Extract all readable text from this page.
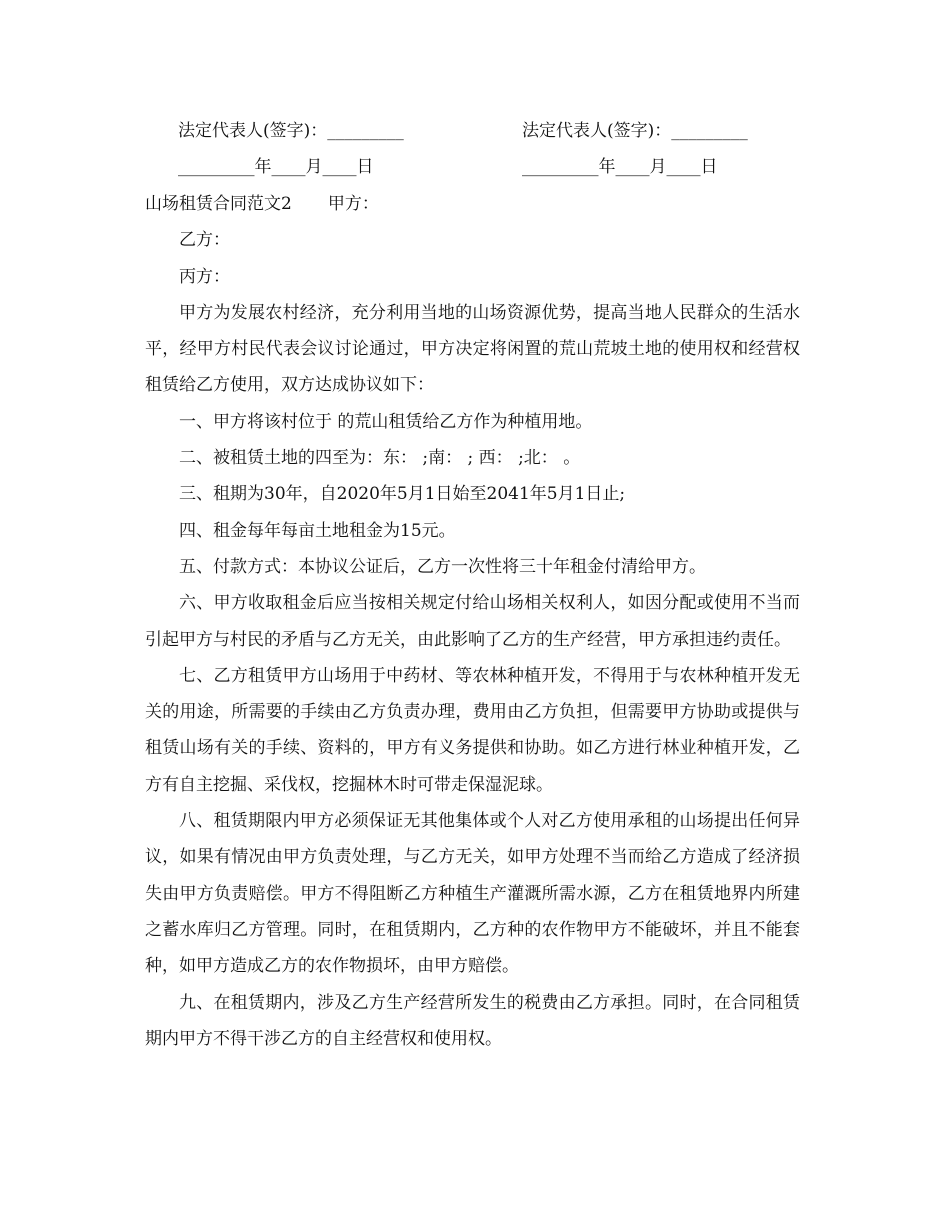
法定代表人(签字)：_________	法定代表人(签字)：_________
_________年____月____日	_________年____月____日

山场租赁合同范文2 甲方：

乙方：

丙方：

甲方为发展农村经济，充分利用当地的山场资源优势，提高当地人民群众的生活水平，经甲方村民代表会议讨论通过，甲方决定将闲置的荒山荒坡土地的使用权和经营权租赁给乙方使用，双方达成协议如下：

一、甲方将该村位于 的荒山租赁给乙方作为种植用地。

二、被租赁土地的四至为：东： ;南： ; 西： ;北： 。

三、租期为30年，自2020年5月1日始至2041年5月1日止;

四、租金每年每亩土地租金为15元。

五、付款方式：本协议公证后，乙方一次性将三十年租金付清给甲方。

六、甲方收取租金后应当按相关规定付给山场相关权利人，如因分配或使用不当而引起甲方与村民的矛盾与乙方无关，由此影响了乙方的生产经营，甲方承担违约责任。

七、乙方租赁甲方山场用于中药材、等农林种植开发，不得用于与农林种植开发无关的用途，所需要的手续由乙方负责办理，费用由乙方负担，但需要甲方协助或提供与租赁山场有关的手续、资料的，甲方有义务提供和协助。如乙方进行林业种植开发，乙方有自主挖掘、采伐权，挖掘林木时可带走保湿泥球。

八、租赁期限内甲方必须保证无其他集体或个人对乙方使用承租的山场提出任何异议，如果有情况由甲方负责处理，与乙方无关，如甲方处理不当而给乙方造成了经济损失由甲方负责赔偿。甲方不得阻断乙方种植生产灌溉所需水源，乙方在租赁地界内所建之蓄水库归乙方管理。同时，在租赁期内，乙方种的农作物甲方不能破坏，并且不能套种，如甲方造成乙方的农作物损坏，由甲方赔偿。

九、在租赁期内，涉及乙方生产经营所发生的税费由乙方承担。同时，在合同租赁期内甲方不得干涉乙方的自主经营权和使用权。
